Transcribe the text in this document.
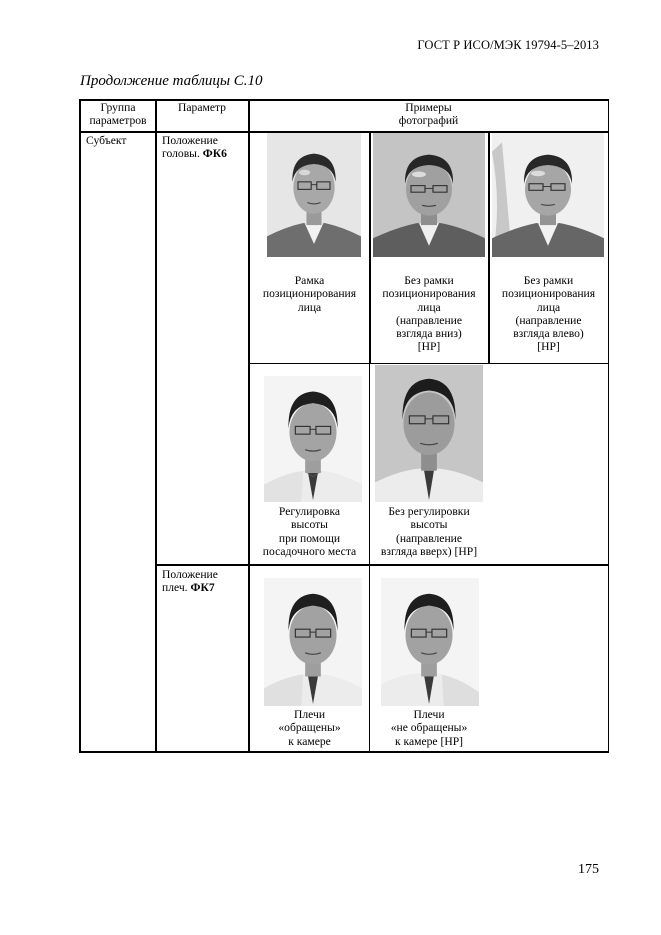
ГОСТ Р ИСО/МЭК 19794-5–2013
Продолжение таблицы С.10
Группа
параметров
Параметр	Примеры
фотографий
Субъект	Положение
головы. ФК6
Положение
плеч. ФК7
Рамка
позиционирования
лица
Без рамки
позиционирования
лица
(направление
взгляда вниз)
[НР]
Без рамки
позиционирования
лица
(направление
взгляда влево)
[НР]
Регулировка
высоты
при помощи
посадочного места
Без регулировки
высоты
(направление
взгляда вверх) [НР]
Плечи
«обращены»
к камере
Плечи
«не обращены»
к камере [НР]
175
